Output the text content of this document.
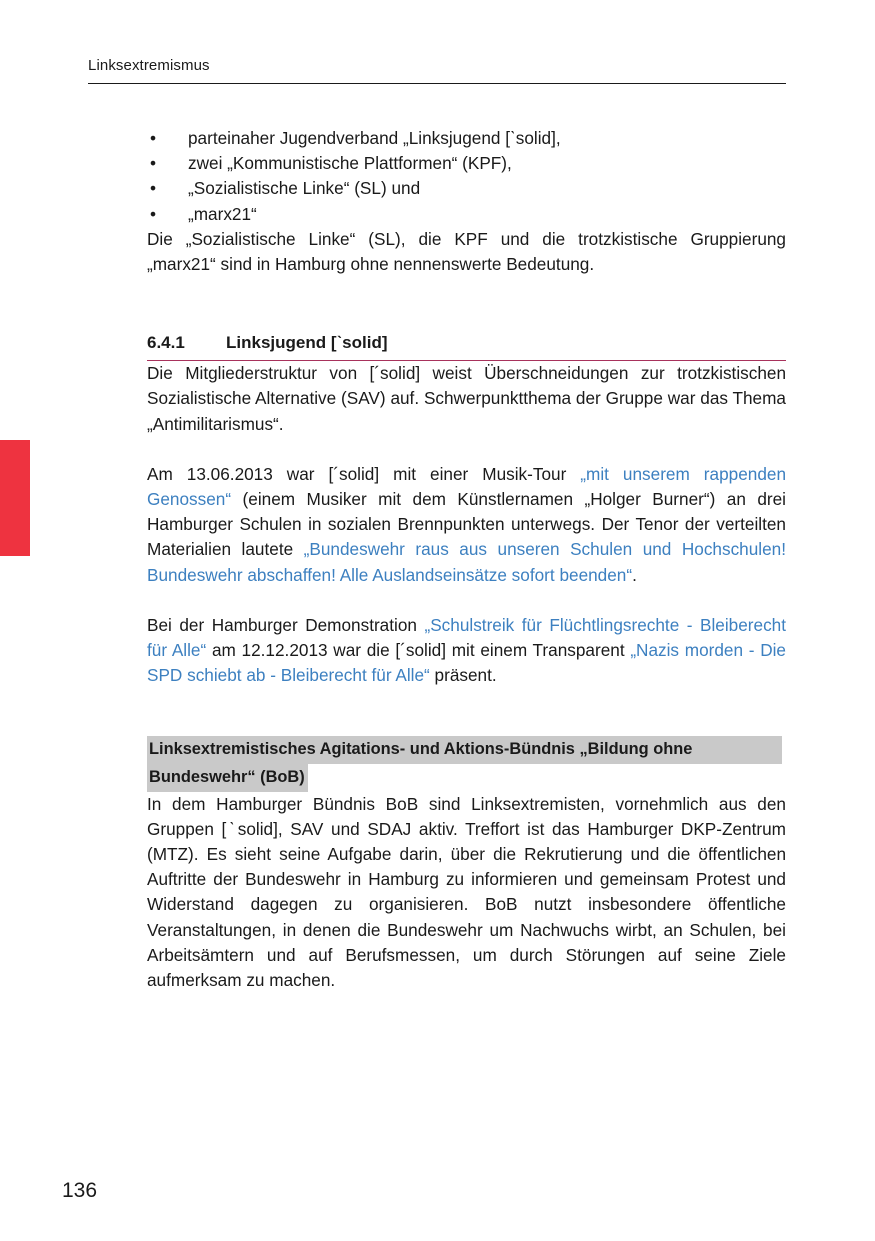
Linksextremismus
• parteinaher Jugendverband „Linksjugend [ˋsolid],
• zwei „Kommunistische Plattformen“ (KPF),
• „Sozialistische Linke“ (SL) und
• „marx21“

Die „Sozialistische Linke“ (SL), die KPF und die trotzkistische Gruppierung „marx21“ sind in Hamburg ohne nennenswerte Bedeutung.

6.4.1	Linksjugend [ˋsolid]

Die Mitgliederstruktur von [´solid] weist Überschneidungen zur trotzkistischen Sozialistische Alternative (SAV) auf. Schwerpunktthema der Gruppe war das Thema „Antimilitarismus“.

Am 13.06.2013 war [´solid] mit einer Musik-Tour „mit unserem rappenden Genossen“ (einem Musiker mit dem Künstlernamen „Holger Burner“) an drei Hamburger Schulen in sozialen Brennpunkten unterwegs. Der Tenor der verteilten Materialien lautete „Bundeswehr raus aus unseren Schulen und Hochschulen! Bundeswehr abschaffen! Alle Auslandseinsätze sofort beenden“.

Bei der Hamburger Demonstration „Schulstreik für Flüchtlingsrechte - Bleiberecht für Alle“ am 12.12.2013 war die [´solid] mit einem Transparent „Nazis morden - Die SPD schiebt ab - Bleiberecht für Alle“ präsent.

Linksextremistisches Agitations- und Aktions-Bündnis „Bildung ohne
Bundeswehr“ (BoB)

In dem Hamburger Bündnis BoB sind Linksextremisten, vornehmlich aus den Gruppen [ˋsolid], SAV und SDAJ aktiv. Treffort ist das Hamburger DKP-Zentrum (MTZ). Es sieht seine Aufgabe darin, über die Rekrutierung und die öffentlichen Auftritte der Bundeswehr in Hamburg zu informieren und gemeinsam Protest und Widerstand dagegen zu organisieren. BoB nutzt insbesondere öffentliche Veranstaltungen, in denen die Bundeswehr um Nachwuchs wirbt, an Schulen, bei Arbeitsämtern und auf Berufsmessen, um durch Störungen auf seine Ziele aufmerksam zu machen.

136
